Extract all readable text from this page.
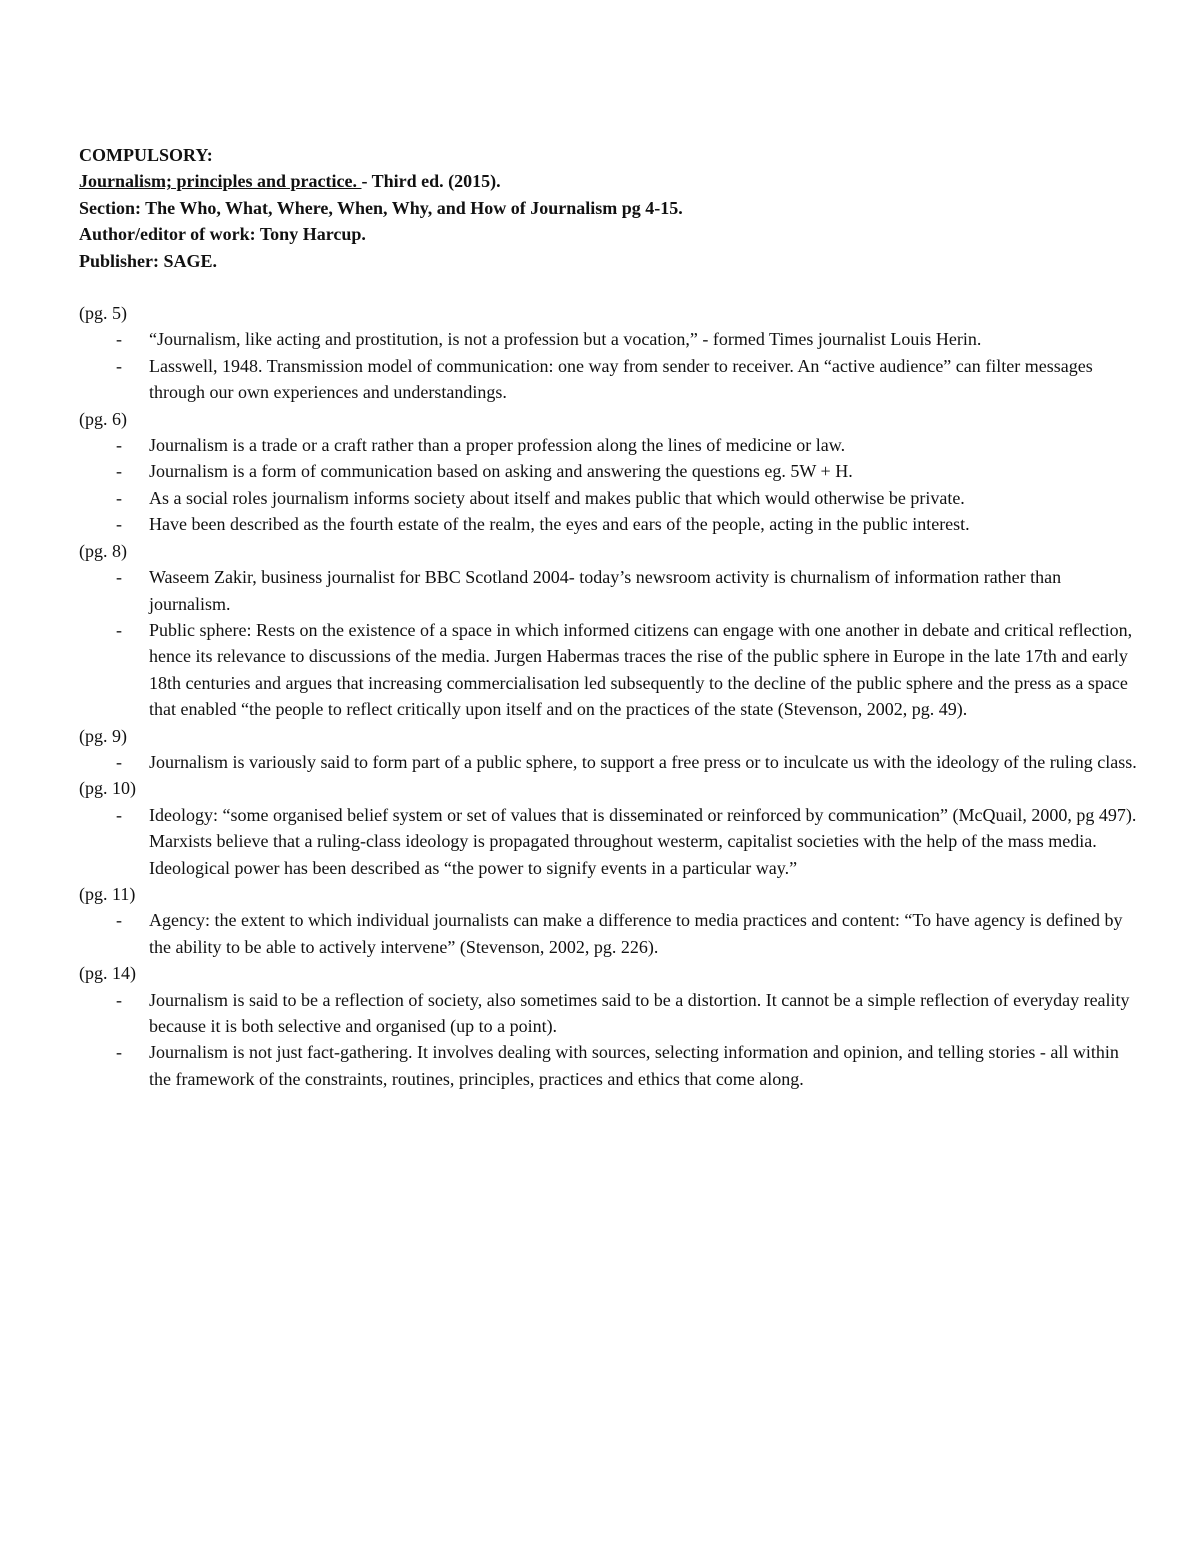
COMPULSORY:
Journalism; principles and practice. - Third ed. (2015).
Section: The Who, What, Where, When, Why, and How of Journalism pg 4-15.
Author/editor of work: Tony Harcup.
Publisher: SAGE.
(pg. 5)
- “Journalism, like acting and prostitution, is not a profession but a vocation,” - formed Times journalist Louis Herin.
- Lasswell, 1948. Transmission model of communication: one way from sender to receiver. An “active audience” can filter messages through our own experiences and understandings.
(pg. 6)
- Journalism is a trade or a craft rather than a proper profession along the lines of medicine or law.
- Journalism is a form of communication based on asking and answering the questions eg. 5W + H.
- As a social roles journalism informs society about itself and makes public that which would otherwise be private.
- Have been described as the fourth estate of the realm, the eyes and ears of the people, acting in the public interest.
(pg. 8)
- Waseem Zakir, business journalist for BBC Scotland 2004- today’s newsroom activity is churnalism of information rather than journalism.
- Public sphere: Rests on the existence of a space in which informed citizens can engage with one another in debate and critical reflection, hence its relevance to discussions of the media. Jurgen Habermas traces the rise of the public sphere in Europe in the late 17th and early 18th centuries and argues that increasing commercialisation led subsequently to the decline of the public sphere and the press as a space that enabled “the people to reflect critically upon itself and on the practices of the state (Stevenson, 2002, pg. 49).
(pg. 9)
- Journalism is variously said to form part of a public sphere, to support a free press or to inculcate us with the ideology of the ruling class.
(pg. 10)
- Ideology: “some organised belief system or set of values that is disseminated or reinforced by communication” (McQuail, 2000, pg 497). Marxists believe that a ruling-class ideology is propagated throughout westerm, capitalist societies with the help of the mass media. Ideological power has been described as “the power to signify events in a particular way.”
(pg. 11)
- Agency: the extent to which individual journalists can make a difference to media practices and content: “To have agency is defined by the ability to be able to actively intervene” (Stevenson, 2002, pg. 226).
(pg. 14)
- Journalism is said to be a reflection of society, also sometimes said to be a distortion. It cannot be a simple reflection of everyday reality because it is both selective and organised (up to a point).
- Journalism is not just fact-gathering. It involves dealing with sources, selecting information and opinion, and telling stories - all within the framework of the constraints, routines, principles, practices and ethics that come along.
